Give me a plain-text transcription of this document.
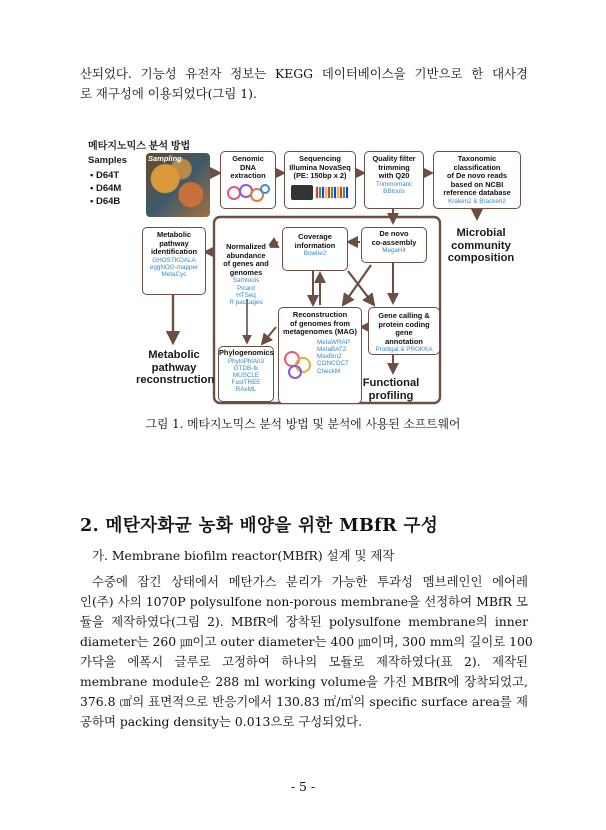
산되었다. 기능성 유전자 정보는 KEGG 데이터베이스을 기반으로 한 대사경
로 재구성에 이용되었다(그림 1).
메타지노믹스 분석 방법
Samples
• D64T
• D64M
• D64B
Sampling	Genomic
DNA
extraction
Sequencing
Illumina NovaSeq
(PE: 150bp x 2)
Quality filter
trimming
with Q20
Trimmomatic
BBtools
Taxonomic classification
of De novo reads
based on NCBI
reference database
Kraken2 & Bracken2
Microbial
community
composition
Metabolic
pathway
identification
GHOSTKOALA
eggNOG-mapper
MetaCyc
Coverage
information
Bowtie2
De novo
co-assembly
MegaHit
Normalized
abundance
of genes and
genomes
Samtools
Picard
HTSeq
R packages
Reconstruction
of genomes from
metagenomes (MAG)
MetaWRAP
MetaBAT2
MaxBin2
CONCOCT
CheckM
Gene calling &
protein coding gene
annotation
Prodigal & PROKKA
Phylogenomics
PhyloPhlAn3
GTDB-tk
MUSCLE
FastTREE
RAxML
Metabolic
pathway
reconstruction	Functional
profiling
그림 1. 메타지노믹스 분석 방법 및 분석에 사용된 소프트웨어
2. 메탄자화균 농화 배양을 위한 MBfR 구성
가. Membrane biofilm reactor(MBfR) 설계 및 제작
수중에 잠긴 상태에서 메탄가스 분리가 가능한 투과성 멤브레인인 에어레
인(주) 사의 1070P polysulfone non-porous membrane을 선정하여 MBfR 모
듈을 제작하였다(그림 2). MBfR에 장착된 polysulfone membrane의 inner
diameter는 260 ㎛이고 outer diameter는 400 ㎛이며, 300 mm의 길이로 100
가닥을 에폭시 글루로 고정하여 하나의 모듈로 제작하였다(표 2). 제작된
membrane module은 288 ml working volume을 가진 MBfR에 장착되었고,
376.8 ㎠의 표면적으로 반응기에서 130.83 ㎡/㎥의 specific surface area를 제
공하며 packing density는 0.013으로 구성되었다.
- 5 -
